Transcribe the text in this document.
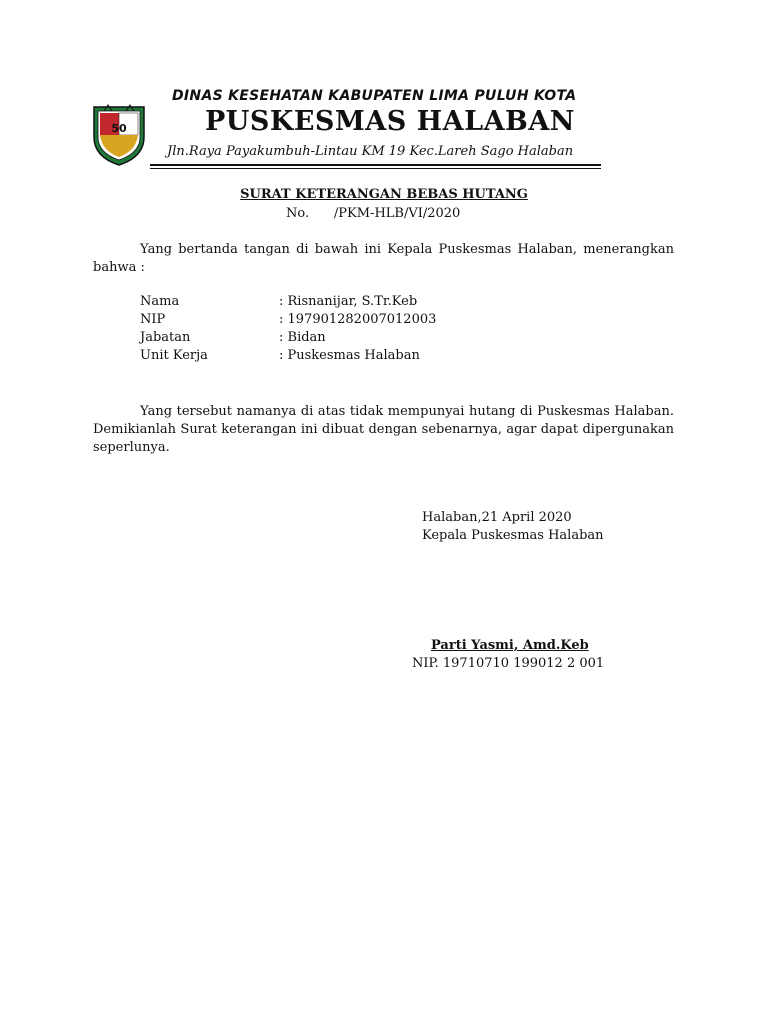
50
DINAS KESEHATAN KABUPATEN LIMA PULUH KOTA
PUSKESMAS HALABAN
Jln.Raya Payakumbuh-Lintau KM 19 Kec.Lareh Sago Halaban
SURAT KETERANGAN BEBAS HUTANG
No.      /PKM-HLB/VI/2020
Yang bertanda tangan di bawah ini Kepala Puskesmas Halaban, menerangkan bahwa :
Nama	: Risnanijar, S.Tr.Keb
NIP	: 197901282007012003
Jabatan	: Bidan
Unit Kerja	: Puskesmas Halaban
Yang tersebut namanya di atas tidak mempunyai hutang di Puskesmas Halaban. Demikianlah Surat keterangan ini dibuat dengan sebenarnya, agar dapat dipergunakan seperlunya.
Halaban,21 April 2020
Kepala Puskesmas Halaban
Parti Yasmi, Amd.Keb
NIP. 19710710 199012 2 001
